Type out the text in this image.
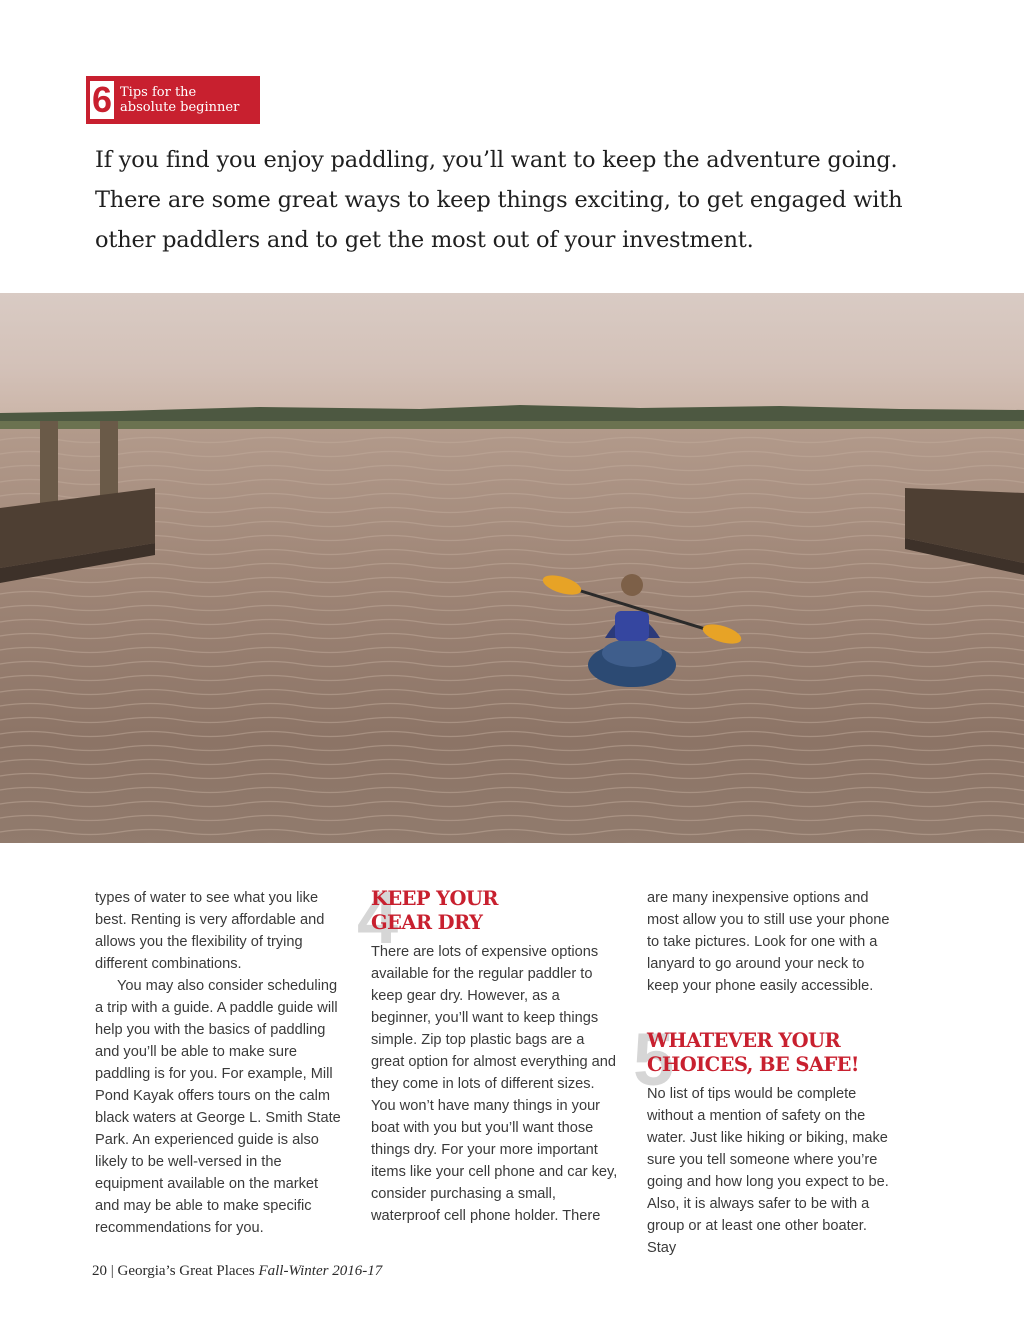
6 Tips for the
absolute beginner
If you find you enjoy paddling, you’ll want to keep the adventure going. There are some great ways to keep things exciting, to get engaged with other paddlers and to get the most out of your investment.

types of water to see what you like best. Renting is very affordable and allows you the flexibility of trying different combinations.

You may also consider scheduling a trip with a guide. A paddle guide will help you with the basics of paddling and you’ll be able to make sure paddling is for you. For example, Mill Pond Kayak offers tours on the calm black waters at George L. Smith State Park. An experienced guide is also likely to be well-versed in the equipment available on the market and may be able to make specific recommendations for you.

4
KEEP YOUR
GEAR DRY

There are lots of expensive options available for the regular paddler to keep gear dry. However, as a beginner, you’ll want to keep things simple. Zip top plastic bags are a great option for almost everything and they come in lots of different sizes. You won’t have many things in your boat with you but you’ll want those things dry. For your more important items like your cell phone and car key, consider purchasing a small, waterproof cell phone holder. There

are many inexpensive options and most allow you to still use your phone to take pictures. Look for one with a lanyard to go around your neck to keep your phone easily accessible.

5
WHATEVER YOUR
CHOICES, BE SAFE!

No list of tips would be complete without a mention of safety on the water. Just like hiking or biking, make sure you tell someone where you’re going and how long you expect to be. Also, it is always safer to be with a group or at least one other boater. Stay

20 | Georgia’s Great Places Fall-Winter 2016-17
